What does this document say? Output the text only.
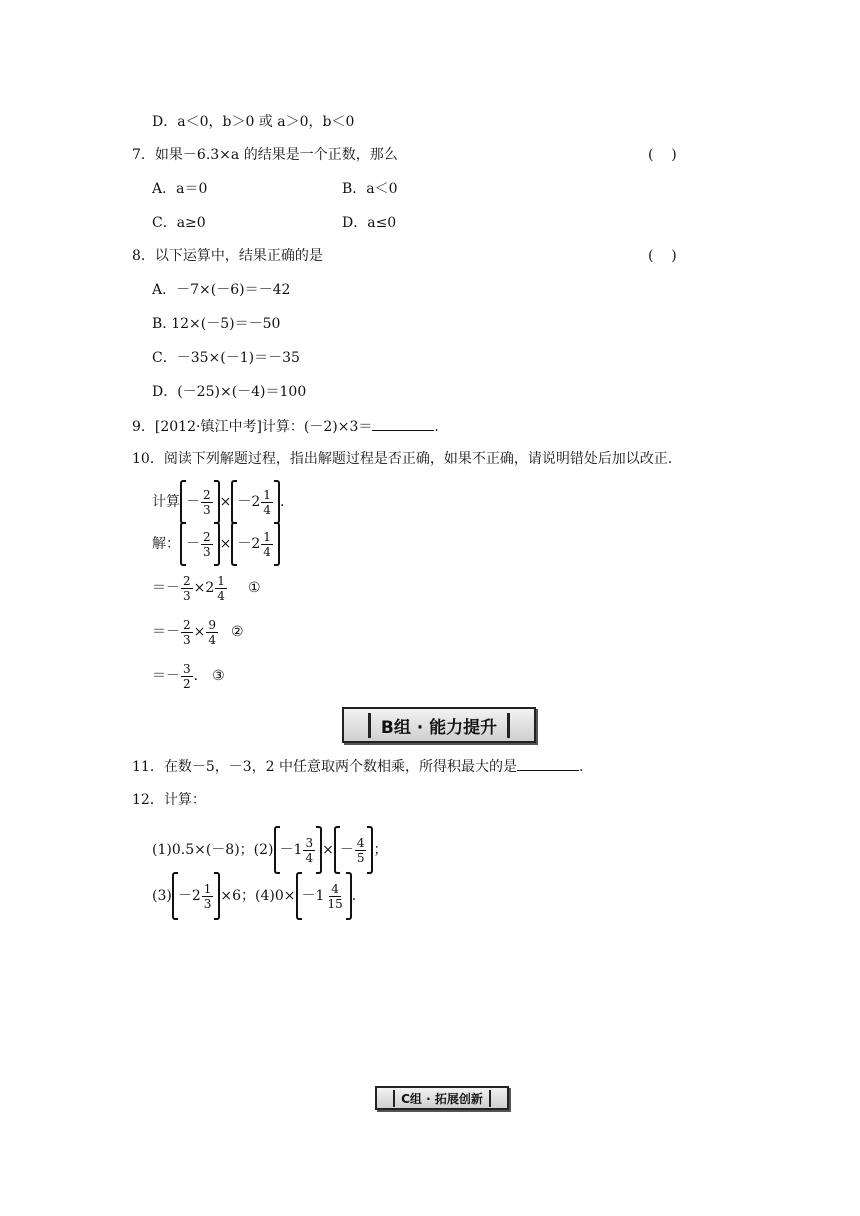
D．a＜0，b＞0 或 a＞0，b＜0
7．如果－6.3×a 的结果是一个正数，那么	(    )
A．a＝0	B．a＜0
C．a≥0	D．a≤0
8．以下运算中，结果正确的是	(    )
A．－7×(－6)＝－42
B. 12×(－5)＝－50
C．－35×(－1)＝－35
D．(－25)×(－4)＝100
9．[2012·镇江中考]计算：(－2)×3＝	.
10．阅读下列解题过程，指出解题过程是否正确，如果不正确，请说明错处后加以改正.
计算 － $\frac{2}{3}$ × － $2 \frac{1}{4}$ .
解： － $\frac{2}{3}$ × － $2 \frac{1}{4}$
＝－ $\frac{2}{3} \times 2 \frac{1}{4}$ ①
＝－ $\frac{2}{3} \times \frac{9}{4}$ ②
＝－ $\frac{3}{2}$ . ③
B组 · 能力提升
11．在数－5，－3，2 中任意取两个数相乘，所得积最大的是	.
12．计算：
(1)0.5×(－8)；$(2) -1 \frac{3}{4}$ × － $\frac{4}{5}$ ；
$(3) -2 \frac{1}{3} \times 6$；$(4)0\times -1 \frac{4}{15}$ .
C组 · 拓展创新
